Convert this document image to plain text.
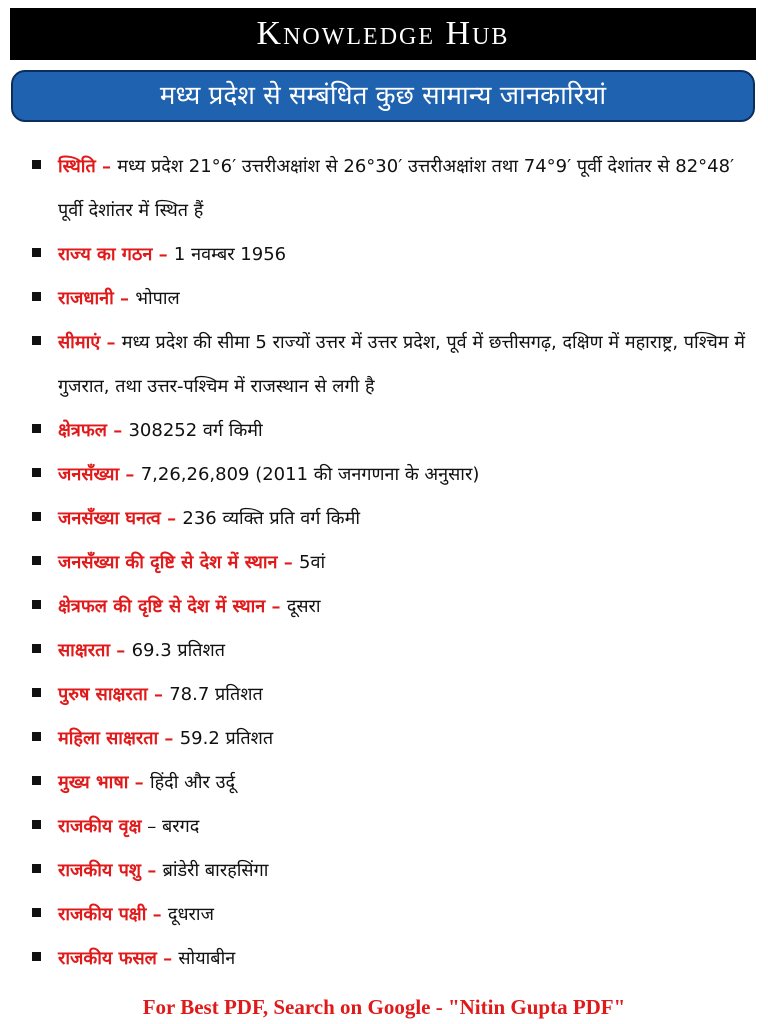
Knowledge Hub
मध्य प्रदेश से सम्बंधित कुछ सामान्य जानकारियां
स्थिति – मध्य प्रदेश 21°6′ उत्तरीअक्षांश से 26°30′ उत्तरीअक्षांश तथा 74°9′ पूर्वी देशांतर से 82°48′ पूर्वी देशांतर में स्थित हैं
राज्य का गठन – 1 नवम्बर 1956
राजधानी – भोपाल
सीमाएं – मध्य प्रदेश की सीमा 5 राज्यों उत्तर में उत्तर प्रदेश, पूर्व में छत्तीसगढ़, दक्षिण में महाराष्ट्र, पश्चिम में गुजरात, तथा उत्तर-पश्चिम में राजस्थान से लगी है
क्षेत्रफल – 308252 वर्ग किमी
जनसँख्या – 7,26,26,809 (2011 की जनगणना के अनुसार)
जनसँख्या घनत्व – 236 व्यक्ति प्रति वर्ग किमी
जनसँख्या की दृष्टि से देश में स्थान – 5वां
क्षेत्रफल की दृष्टि से देश में स्थान – दूसरा
साक्षरता – 69.3 प्रतिशत
पुरुष साक्षरता – 78.7 प्रतिशत
महिला साक्षरता – 59.2 प्रतिशत
मुख्य भाषा – हिंदी और उर्दू
राजकीय वृक्ष – बरगद
राजकीय पशु – ब्रांडेरी बारहसिंगा
राजकीय पक्षी – दूधराज
राजकीय फसल – सोयाबीन
For Best PDF, Search on Google - "Nitin Gupta PDF"
